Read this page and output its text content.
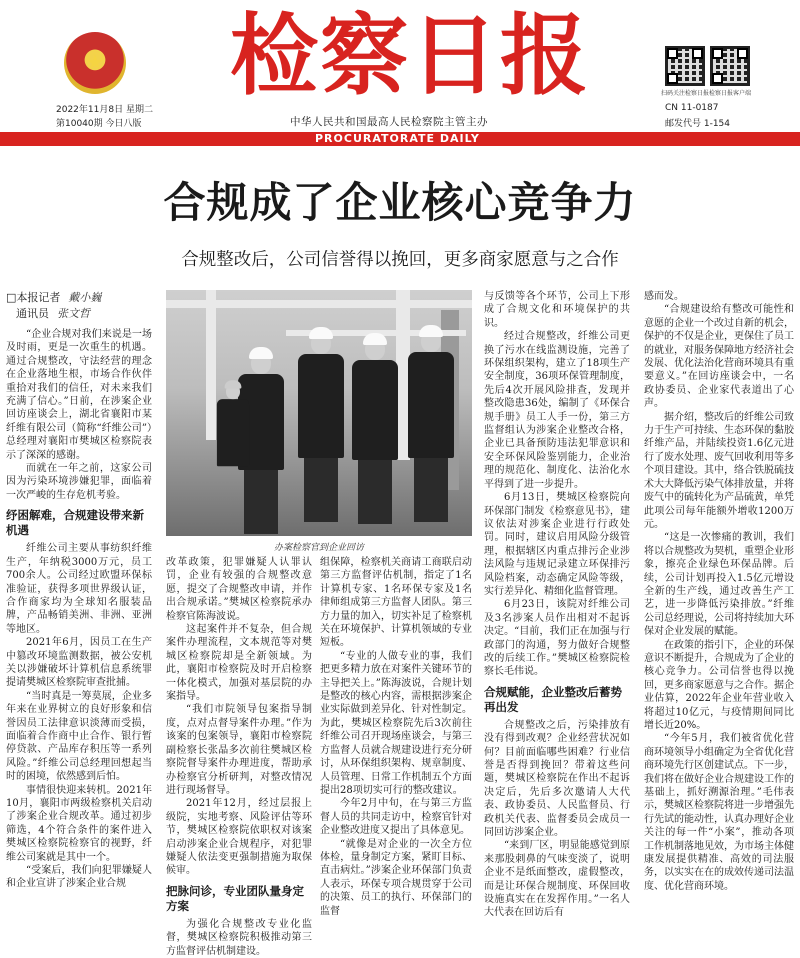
★
2022年11月8日 星期二
第10040期 今日八版
检 察 日 报	扫码关注检察日报 检察日报客户端
CN 11-0187
邮发代号 1-154
中华人民共和国最高人民检察院主管主办
PROCURATORATE DAILY
合规成了企业核心竞争力
合规整改后，公司信誉得以挽回，更多商家愿意与之合作
□本报记者 戴小巍
通讯员 张文哲

“企业合规对我们来说是一场及时雨，更是一次重生的机遇。通过合规整改，守法经营的理念在企业落地生根，市场合作伙伴重拾对我们的信任，对未来我们充满了信心。”日前，在涉案企业回访座谈会上，湖北省襄阳市某纤维有限公司（简称“纤维公司”）总经理对襄阳市樊城区检察院表示了深深的感谢。

而就在一年之前，这家公司因为污染环境涉嫌犯罪，面临着一次严峻的生存危机考验。

纾困解难，合规建设带来新机遇

纤维公司主要从事纺织纤维生产，年纳税3000万元，员工700余人。公司经过欧盟环保标准验证，获得多项世界级认证，合作商家均为全球知名服装品牌，产品畅销美洲、非洲、亚洲等地区。

2021年6月，因员工在生产中篡改环境监测数据，被公安机关以涉嫌破坏计算机信息系统罪提请樊城区检察院审查批捕。

“当时真是一筹莫展，企业多年来在业界树立的良好形象和信誉因员工法律意识淡薄而受损，面临着合作商中止合作、银行暂停贷款、产品库存积压等一系列风险。”纤维公司总经理回想起当时的困境，依然感到后怕。

事情很快迎来转机。2021年10月，襄阳市两级检察机关启动了涉案企业合规改革。通过初步筛选，4个符合条件的案件进入樊城区检察院检察官的视野，纤维公司案就是其中一个。

“受案后，我们向犯罪嫌疑人和企业宣讲了涉案企业合规

办案检察官到企业回访

改革政策，犯罪嫌疑人认罪认罚，企业有较强的合规整改意愿，提交了合规整改申请，并作出合规承诺。”樊城区检察院承办检察官陈海波说。

这起案件并不复杂，但合规案件办理流程，文本规范等对樊城区检察院却是全新领域。为此，襄阳市检察院及时开启检察一体化模式，加强对基层院的办案指导。

“我们市院领导包案指导制度，点对点督导案件办理。”作为该案的包案领导，襄阳市检察院副检察长张晶多次前往樊城区检察院督导案件办理进度，帮助承办检察官分析研判，对整改情况进行现场督导。

2021年12月，经过层报上级院，实地考察、风险评估等环节，樊城区检察院依职权对该案启动涉案企业合规程序，对犯罪嫌疑人依法变更强制措施为取保候审。

把脉问诊，专业团队量身定方案

为强化合规整改专业化监督，樊城区检察院积极推动第三方监督评估机制建设。

组保障，检察机关商请工商联启动第三方监督评估机制，指定了1名计算机专家、1名环保专家及1名律师组成第三方监督人团队。第三方力量的加入，切实补足了检察机关在环境保护、计算机领域的专业短板。

“专业的人做专业的事，我们把更多精力放在对案件关键环节的主导把关上。”陈海波说，合规计划是整改的核心内容，需根据涉案企业实际做到差异化、针对性制定。为此，樊城区检察院先后3次前往纤维公司召开现场座谈会，与第三方监督人员就合规建设进行充分研讨，从环保组织架构、规章制度、人员管理、日常工作机制五个方面提出28项切实可行的整改建议。

今年2月中旬，在与第三方监督人员的共同走访中，检察官针对企业整改进度又提出了具体意见。

“就像是对企业的一次全方位体检，量身制定方案，紧盯目标、直击病灶。”涉案企业环保部门负责人表示，环保专项合规贯穿于公司的决策、员工的执行、环保部门的监督

与反馈等各个环节，公司上下形成了合规文化和环境保护的共识。

经过合规整改，纤维公司更换了污水在线监测设施，完善了环保组织架构，建立了18项生产安全制度，36项环保管理制度，先后4次开展风险排查，发现并整改隐患36处，编制了《环保合规手册》员工人手一份，第三方监督组认为涉案企业整改合格，企业已具备预防违法犯罪意识和安全环保风险鉴别能力，企业治理的规范化、制度化、法治化水平得到了进一步提升。

6月13日，樊城区检察院向环保部门制发《检察意见书》，建议依法对涉案企业进行行政处罚。同时，建议启用风险分级管理，根据辖区内重点排污企业涉法风险与违规记录建立环保排污风险档案，动态确定风险等级，实行差异化、精细化监督管理。

6月23日，该院对纤维公司及3名涉案人员作出相对不起诉决定。“目前，我们正在加强与行政部门的沟通，努力做好合规整改的后续工作。”樊城区检察院检察长毛伟说。

合规赋能，企业整改后蓄势再出发

合规整改之后，污染排放有没有得到改观？企业经营状况如何？目前面临哪些困难？行业信誉是否得到挽回？带着这些问题，樊城区检察院在作出不起诉决定后，先后多次邀请人大代表、政协委员、人民监督员、行政机关代表、监督委员会成员一同回访涉案企业。

“来到厂区，明显能感觉到原来那股刺鼻的气味变淡了，说明企业不是纸面整改，虚假整改，而是让环保合规制度、环保回收设施真实在在发挥作用。”一名人大代表在回访后有

感而发。

“合规建设给有整改可能性和意愿的企业一个改过自新的机会，保护的不仅是企业，更保住了员工的就业，对服务保障地方经济社会发展、优化法治化营商环境具有重要意义。”在回访座谈会中，一名政协委员、企业家代表道出了心声。

据介绍，整改后的纤维公司致力于生产可持续、生态环保的黏胶纤维产品，并陆续投资1.6亿元进行了废水处理、废气回收利用等多个项目建设。其中，络合铁脱硫技术大大降低污染气体排放量，并将废气中的硫转化为产品硫黄，单凭此项公司每年能额外增收1200万元。

“这是一次惨痛的教训，我们将以合规整改为契机，重塑企业形象，擦亮企业绿色环保品牌。后续，公司计划再投入1.5亿元增设全新的生产线，通过改善生产工艺，进一步降低污染排放。”纤维公司总经理说，公司将持续加大环保对企业发展的赋能。

在政策的指引下，企业的环保意识不断提升，合规成为了企业的核心竞争力。公司信誉也得以挽回，更多商家愿意与之合作。据企业估算，2022年企业年营业收入将超过10亿元，与疫情期间同比增长近20%。

“今年5月，我们被省优化营商环境领导小组确定为全省优化营商环境先行区创建试点。下一步，我们将在做好企业合规建设工作的基础上，抓好溯源治理。”毛伟表示，樊城区检察院将进一步增强先行先试的能动性，认真办理好企业关注的每一件“小案”，推动各项工作机制落地见效，为市场主体健康发展提供精准、高效的司法服务，以实实在在的成效传递司法温度、优化营商环境。
